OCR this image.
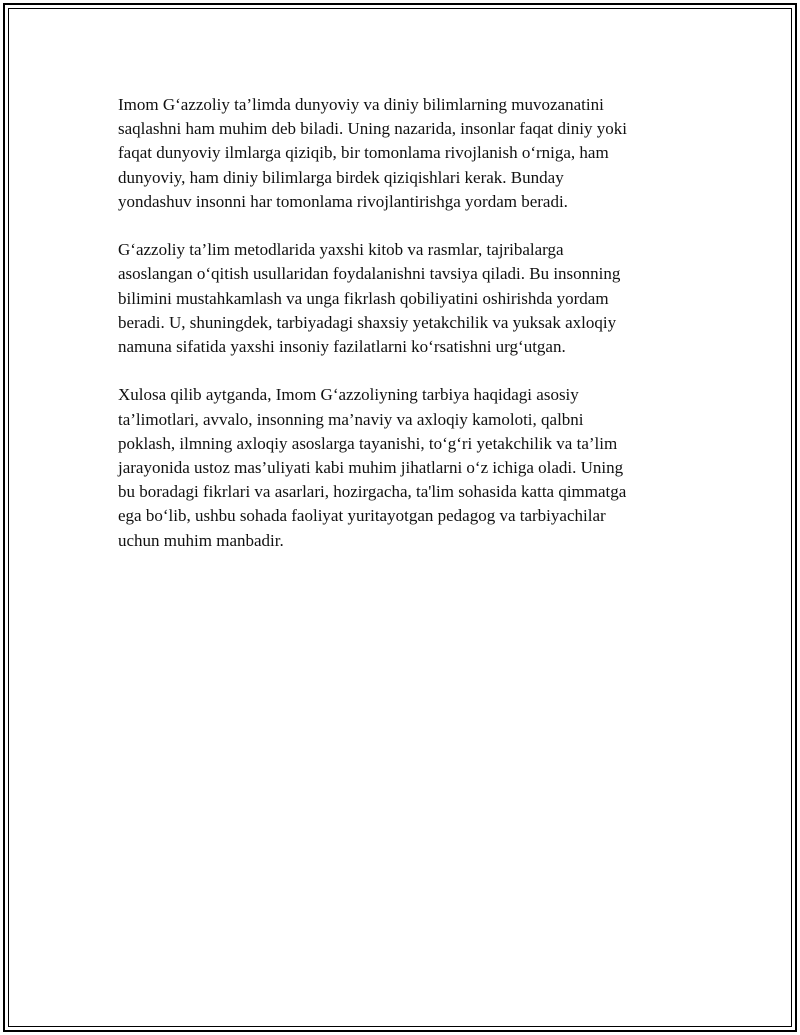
Imom G‘azzoliy ta’limda dunyoviy va diniy bilimlarning muvozanatini
saqlashni ham muhim deb biladi. Uning nazarida, insonlar faqat diniy yoki
faqat dunyoviy ilmlarga qiziqib, bir tomonlama rivojlanish o‘rniga, ham
dunyoviy, ham diniy bilimlarga birdek qiziqishlari kerak. Bunday
yondashuv insonni har tomonlama rivojlantirishga yordam beradi.

G‘azzoliy ta’lim metodlarida yaxshi kitob va rasmlar, tajribalarga
asoslangan o‘qitish usullaridan foydalanishni tavsiya qiladi. Bu insonning
bilimini mustahkamlash va unga fikrlash qobiliyatini oshirishda yordam
beradi. U, shuningdek, tarbiyadagi shaxsiy yetakchilik va yuksak axloqiy
namuna sifatida yaxshi insoniy fazilatlarni ko‘rsatishni urg‘utgan.

Xulosa qilib aytganda, Imom G‘azzoliyning tarbiya haqidagi asosiy
ta’limotlari, avvalo, insonning ma’naviy va axloqiy kamoloti, qalbni
poklash, ilmning axloqiy asoslarga tayanishi, to‘g‘ri yetakchilik va ta’lim
jarayonida ustoz mas’uliyati kabi muhim jihatlarni o‘z ichiga oladi. Uning
bu boradagi fikrlari va asarlari, hozirgacha, ta'lim sohasida katta qimmatga
ega bo‘lib, ushbu sohada faoliyat yuritayotgan pedagog va tarbiyachilar
uchun muhim manbadir.
